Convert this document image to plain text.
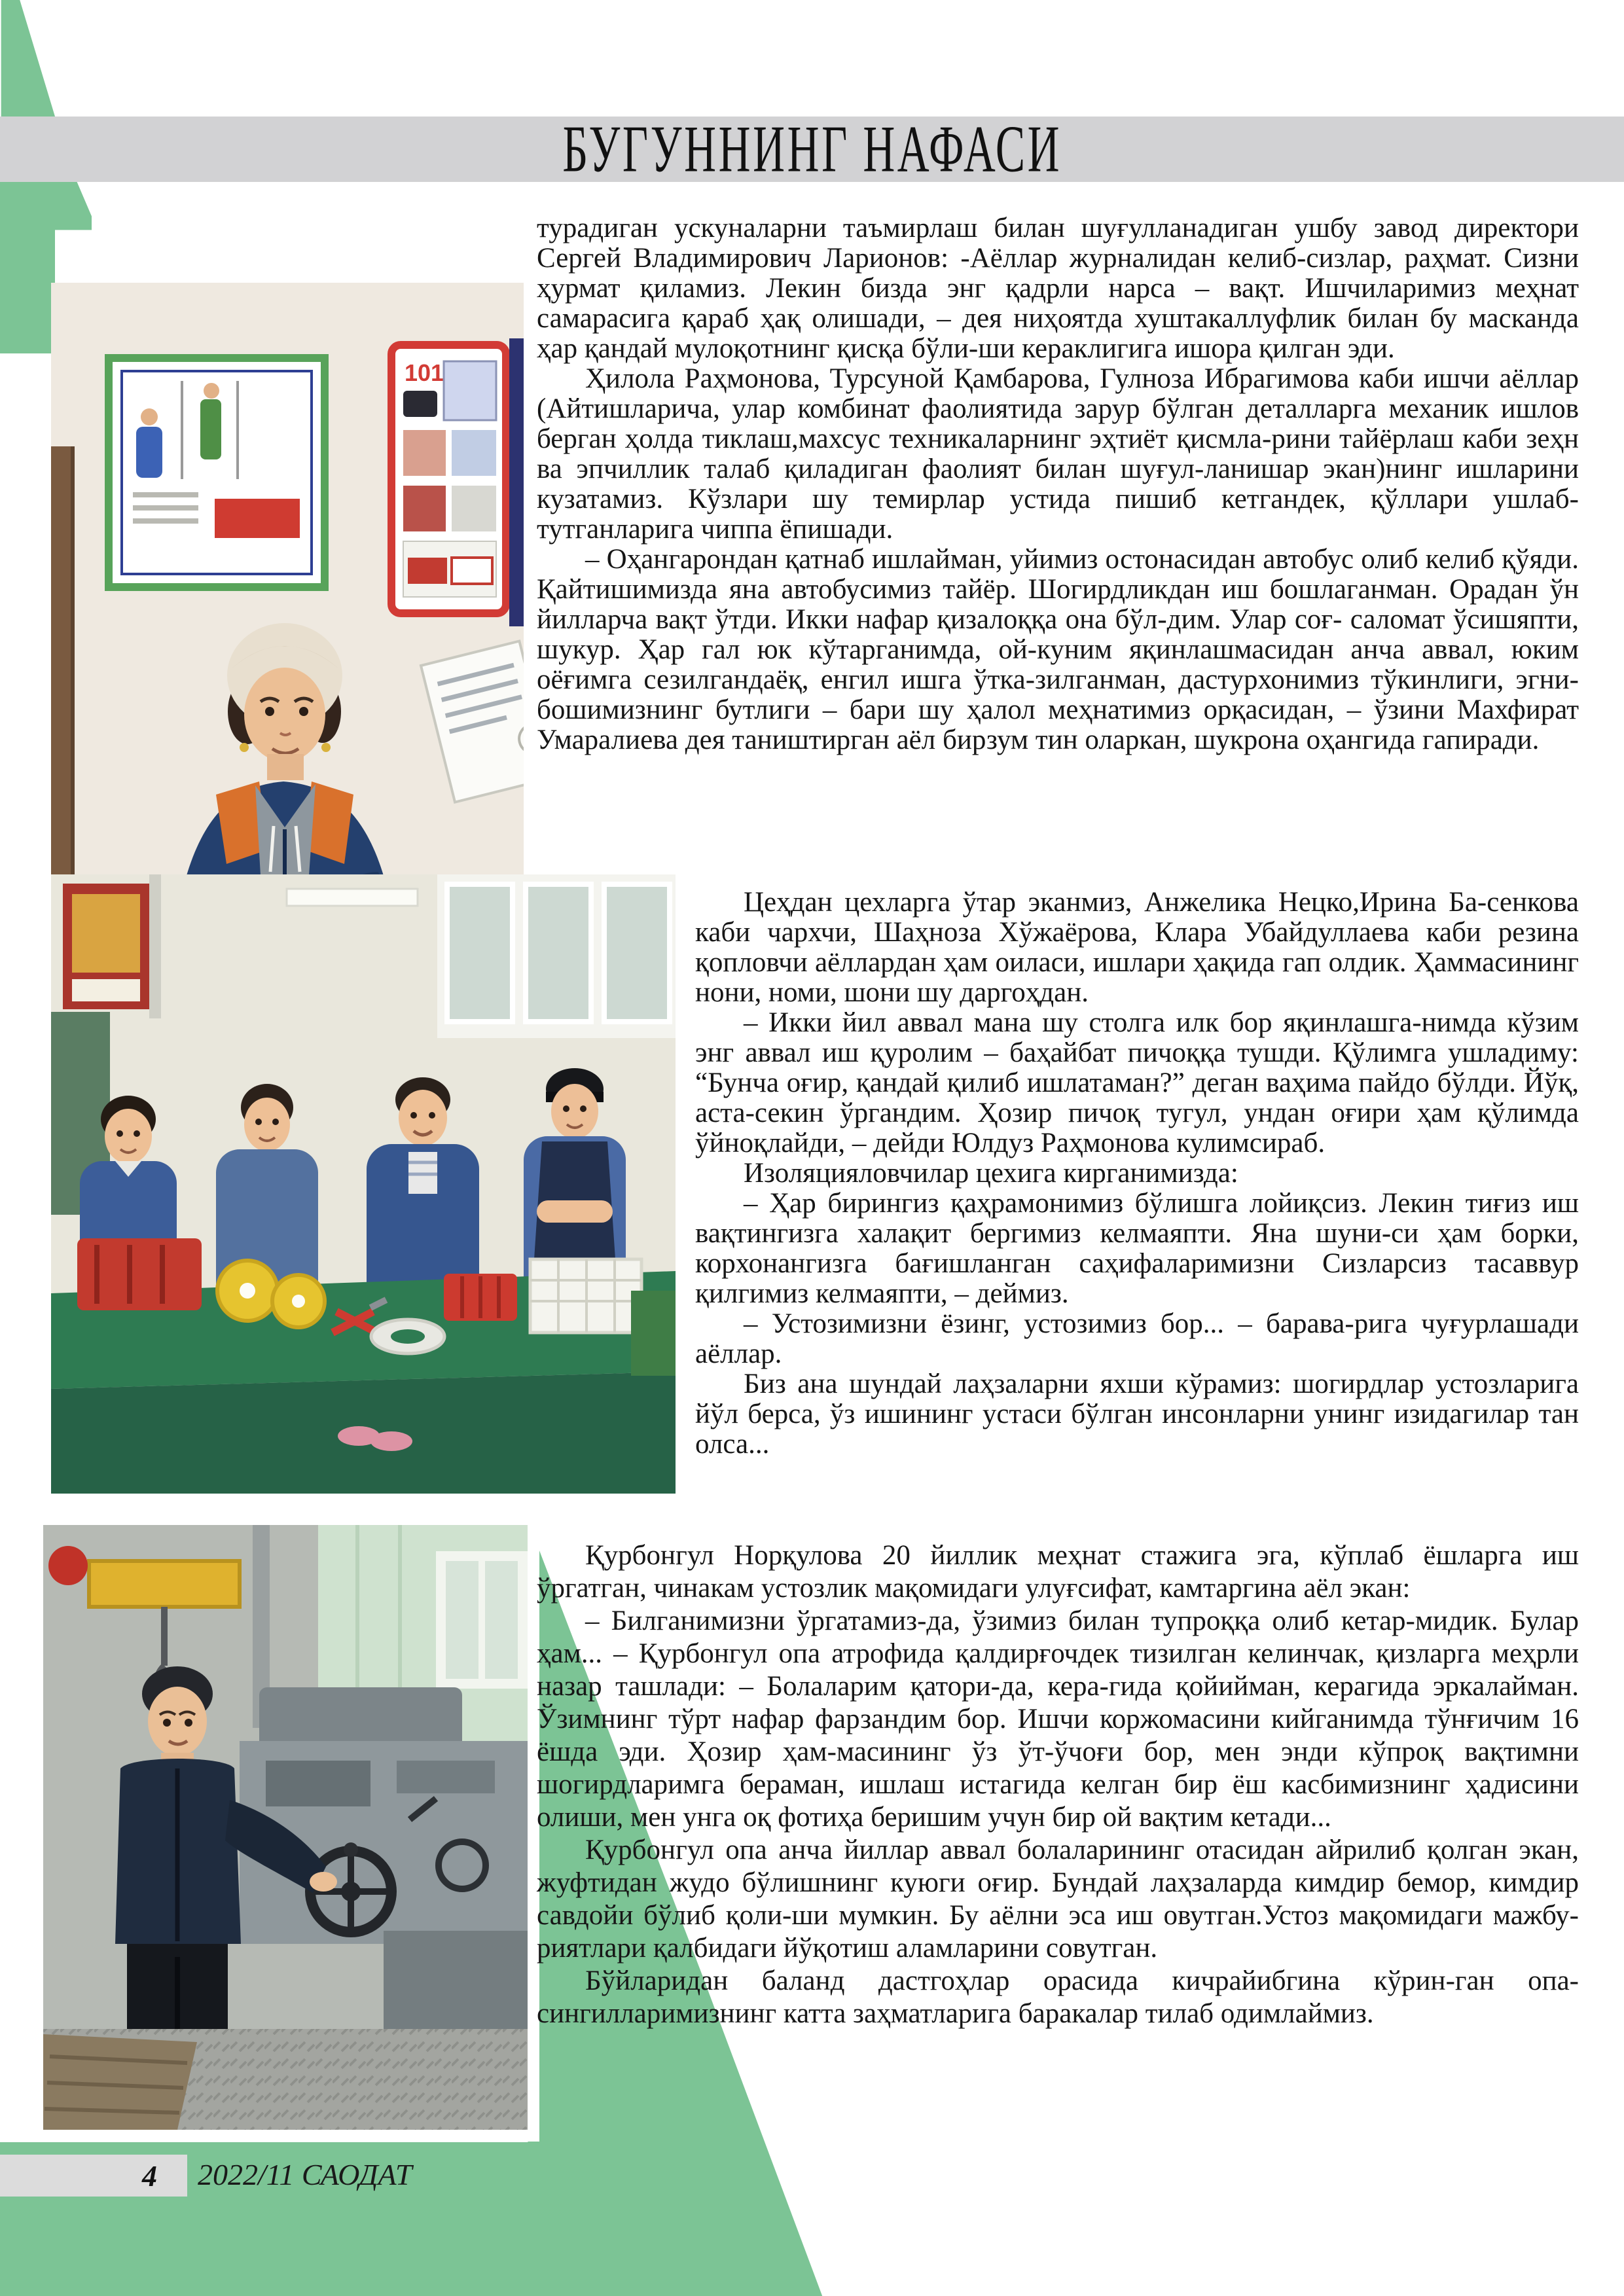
БУГУННИНГ НАФАСИ
101

турадиган ускуналарни таъмирлаш билан шуғулланадиган ушбу завод директори Сергей Владимирович Ларионов: -Аёллар журналидан келиб-сизлар, раҳмат. Сизни ҳурмат қиламиз. Лекин бизда энг қадрли нарса – вақт. Ишчиларимиз меҳнат самарасига қараб ҳақ олишади, – дея ниҳоятда хуштакаллуфлик билан бу масканда ҳар қандай мулоқотнинг қисқа бўли-ши кераклигига ишора қилган эди.

Ҳилола Раҳмонова, Турсуной Қамбарова, Гулноза Ибрагимова каби ишчи аёллар (Айтишларича, улар комбинат фаолиятида зарур бўлган деталларга механик ишлов берган ҳолда тиклаш,махсус техникаларнинг эҳтиёт қисмла-рини тайёрлаш каби зеҳн ва эпчиллик талаб қиладиган фаолият билан шуғул-ланишар экан)нинг ишларини кузатамиз. Кўзлари шу темирлар устида пишиб кетгандек, қўллари ушлаб-тутганларига чиппа ёпишади.

– Оҳангарондан қатнаб ишлайман, уйимиз остонасидан автобус олиб келиб қўяди. Қайтишимизда яна автобусимиз тайёр. Шогирдликдан иш бошлаганман. Орадан ўн йилларча вақт ўтди. Икки нафар қизалоққа она бўл-дим. Улар соғ- саломат ўсишяпти, шукур. Ҳар гал юк кўтарганимда, ой-куним яқинлашмасидан анча аввал, юким оёғимга сезилгандаёқ, енгил ишга ўтка-зилганман, дастурхонимиз тўкинлиги, эгни-бошимизнинг бутлиги – бари шу ҳалол меҳнатимиз орқасидан, – ўзини Махфират Умаралиева дея таништирган аёл бирзум тин оларкан, шукрона оҳангида гапиради.

Цеҳдан цехларга ўтар эканмиз, Анжелика Нецко,Ирина Ба-сенкова каби чархчи, Шаҳноза Хўжаёрова, Клара Убайдуллаева каби резина қопловчи аёллардан ҳам оиласи, ишлари ҳақида гап олдик. Ҳаммасининг нони, номи, шони шу даргоҳдан.

– Икки йил аввал мана шу столга илк бор яқинлашга-нимда кўзим энг аввал иш қуролим – баҳайбат пичоққа тушди. Қўлимга ушладиму: “Бунча оғир, қандай қилиб ишлатаман?” деган ваҳима пайдо бўлди. Йўқ, аста-секин ўргандим. Ҳозир пичоқ тугул, ундан оғири ҳам қўлимда ўйноқлайди, – дейди Юлдуз Раҳмонова кулимсираб.

Изоляцияловчилар цехига кирганимизда:

– Ҳар бирингиз қаҳрамонимиз бўлишга лойиқсиз. Лекин тиғиз иш вақтингизга халақит бергимиз келмаяпти. Яна шуни-си ҳам борки, корхонангизга бағишланган саҳифаларимизни Сизларсиз тасаввур қилгимиз келмаяпти, – деймиз.

– Устозимизни ёзинг, устозимиз бор... – барава-рига чуғурлашади аёллар.

Биз ана шундай лаҳзаларни яхши кўрамиз: шогирдлар устозларига йўл берса, ўз ишининг устаси бўлган инсонларни унинг изидагилар тан олса...

Қурбонгул Норқулова 20 йиллик меҳнат стажига эга, кўплаб ёшларга иш ўргатган, чинакам устозлик мақомидаги улуғсифат, камтаргина аёл экан:

– Билганимизни ўргатамиз-да, ўзимиз билан тупроққа олиб кетар-мидик. Булар ҳам... – Қурбонгул опа атрофида қалдирғочдек тизилган келинчак, қизларга меҳрли назар ташлади: – Болаларим қатори-да, кера-гида қойийман, керагида эркалайман. Ўзимнинг тўрт нафар фарзандим бор. Ишчи коржомасини кийганимда тўнғичим 16 ёшда эди. Ҳозир ҳам-масининг ўз ўт-ўчоғи бор, мен энди кўпроқ вақтимни шогирдларимга бераман, ишлаш истагида келган бир ёш касбимизнинг ҳадисини олиши, мен унга оқ фотиҳа беришим учун бир ой вақтим кетади...

Қурбонгул опа анча йиллар аввал болаларининг отасидан айрилиб қолган экан, жуфтидан жудо бўлишнинг куюги оғир. Бундай лаҳзаларда кимдир бемор, кимдир савдойи бўлиб қоли-ши мумкин. Бу аёлни эса иш овутган.Устоз мақомидаги мажбу-риятлари қалбидаги йўқотиш аламларини совутган.

Бўйларидан баланд дастгоҳлар орасида кичрайибгина кўрин-ган опа-сингилларимизнинг катта заҳматларига баракалар тилаб одимлаймиз.

4 2022/11 САОДАТ
